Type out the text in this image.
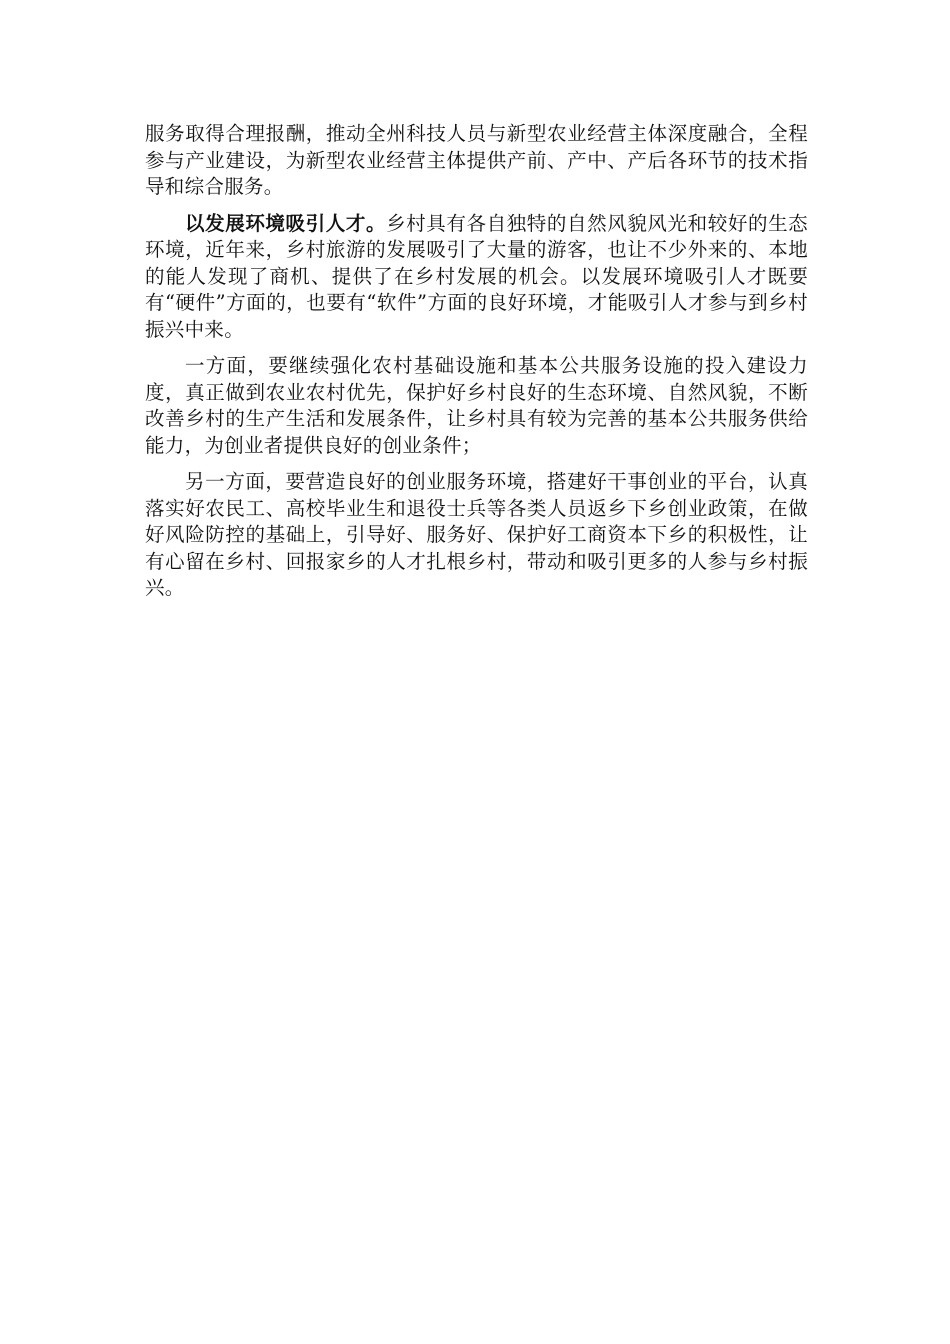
服务取得合理报酬，推动全州科技人员与新型农业经营主体深度融合，全程参与产业建设，为新型农业经营主体提供产前、产中、产后各环节的技术指导和综合服务。

以发展环境吸引人才。乡村具有各自独特的自然风貌风光和较好的生态环境，近年来，乡村旅游的发展吸引了大量的游客，也让不少外来的、本地的能人发现了商机、提供了在乡村发展的机会。以发展环境吸引人才既要有“硬件”方面的，也要有“软件”方面的良好环境，才能吸引人才参与到乡村振兴中来。

一方面，要继续强化农村基础设施和基本公共服务设施的投入建设力度，真正做到农业农村优先，保护好乡村良好的生态环境、自然风貌，不断改善乡村的生产生活和发展条件，让乡村具有较为完善的基本公共服务供给能力，为创业者提供良好的创业条件；

另一方面，要营造良好的创业服务环境，搭建好干事创业的平台，认真落实好农民工、高校毕业生和退役士兵等各类人员返乡下乡创业政策，在做好风险防控的基础上，引导好、服务好、保护好工商资本下乡的积极性，让有心留在乡村、回报家乡的人才扎根乡村，带动和吸引更多的人参与乡村振兴。
